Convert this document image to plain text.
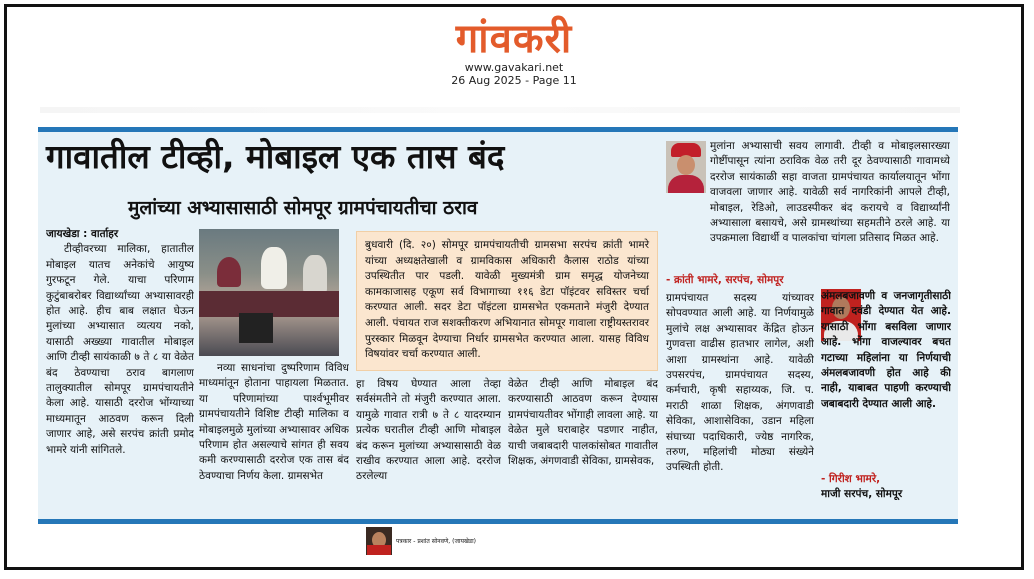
गांवकरी
www.gavakari.net
26 Aug 2025 - Page 11
गावातील टीव्ही, मोबाइल एक तास बंद
मुलांच्या अभ्यासासाठी सोमपूर ग्रामपंचायतीचा ठराव

जायखेडा : वार्ताहर

टीव्हीवरच्या मालिका, हातातील मोबाइल यातच अनेकांचे आयुष्य गुरफटून गेले. याचा परिणाम कुटुंबाबरोबर विद्यार्थ्यांच्या अभ्यासावरही होत आहे. हीच बाब लक्षात घेऊन मुलांच्या अभ्यासात व्यत्यय नको, यासाठी अख्ख्या गावातील मोबाइल आणि टीव्ही सायंकाळी ७ ते ८ या वेळेत बंद ठेवण्याचा ठराव बागलाण तालुक्यातील सोमपूर ग्रामपंचायतीने केला आहे. यासाठी दररोज भोंग्याच्या माध्यमातून आठवण करून दिली जाणार आहे, असे सरपंच क्रांती प्रमोद भामरे यांनी सांगितले.

नव्या साधनांचा दुष्परिणाम विविध माध्यमांतून होताना पाहायला मिळतात. या परिणामांच्या पार्श्वभूमीवर ग्रामपंचायतीने विशिष्ट टीव्ही मालिका व मोबाइलमुळे मुलांच्या अभ्यासावर अधिक परिणाम होत असल्याचे सांगत ही सवय कमी करण्यासाठी दररोज एक तास बंद ठेवण्याचा निर्णय केला. ग्रामसभेत
बुधवारी (दि. २०) सोमपूर ग्रामपंचायतीची ग्रामसभा सरपंच क्रांती भामरे यांच्या अध्यक्षतेखाली व ग्रामविकास अधिकारी कैलास राठोड यांच्या उपस्थितीत पार पडली. यावेळी मुख्यमंत्री ग्राम समृद्ध योजनेच्या कामकाजासह एकूण सर्व विभागाच्या ११६ डेटा पॉइंटवर सविस्तर चर्चा करण्यात आली. सदर डेटा पॉइंटला ग्रामसभेत एकमताने मंजुरी देण्यात आली. पंचायत राज सशक्तीकरण अभियानात सोमपूर गावाला राष्ट्रीयस्तरावर पुरस्कार मिळवून देण्याचा निर्धार ग्रामसभेत करण्यात आला. यासह विविध विषयांवर चर्चा करण्यात आली.
हा विषय घेण्यात आला तेव्हा सर्वसंमतीने तो मंजुरी करण्यात आला. यामुळे गावात रात्री ७ ते ८ यादरम्यान प्रत्येक घरातील टीव्ही आणि मोबाइल बंद करून मुलांच्या अभ्यासासाठी वेळ राखीव करण्यात आला आहे. दररोज ठरलेल्या
वेळेत टीव्ही आणि मोबाइल बंद करण्यासाठी आठवण करून देण्यास ग्रामपंचायतीवर भोंगाही लावला आहे. या वेळेत मुले घराबाहेर पडणार नाहीत, याची जबाबदारी पालकांसोबत गावातील शिक्षक, अंगणवाडी सेविका, ग्रामसेवक,
मुलांना अभ्यासाची सवय लागावी. टीव्ही व मोबाइलसारख्या गोष्टींपासून त्यांना ठराविक वेळ तरी दूर ठेवण्यासाठी गावामध्ये दररोज सायंकाळी सहा वाजता ग्रामपंचायत कार्यालयातून भोंगा वाजवला जाणार आहे. यावेळी सर्व नागरिकांनी आपले टीव्ही, मोबाइल, रेडिओ, लाउडस्पीकर बंद करायचे व विद्यार्थ्यांनी अभ्यासाला बसायचे, असे ग्रामस्थांच्या सहमतीने ठरले आहे. या उपक्रमाला विद्यार्थी व पालकांचा चांगला प्रतिसाद मिळत आहे.
- क्रांती भामरे, सरपंच, सोमपूर
ग्रामपंचायत सदस्य यांच्यावर सोपवण्यात आली आहे. या निर्णयामुळे मुलांचे लक्ष अभ्यासावर केंद्रित होऊन गुणवत्ता वाढीस हातभार लागेल, अशी आशा ग्रामस्थांना आहे. यावेळी उपसरपंच, ग्रामपंचायत सदस्य, कर्मचारी, कृषी सहाय्यक, जि. प. मराठी शाळा शिक्षक, अंगणवाडी सेविका, आशासेविका, उडान महिला संघाच्या पदाधिकारी, ज्येष्ठ नागरिक, तरुण, महिलांची मोठ्या संख्येने उपस्थिती होती.
अंमलबजावणी व जनजागृतीसाठी गावात दवंडी देण्यात येत आहे. यासाठी भोंगा बसविला जाणार आहे. भोंगा वाजल्यावर बचत गटाच्या महिलांना या निर्णयाची अंमलबजावणी होत आहे की नाही, याबाबत पाहणी करण्याची जबाबदारी देण्यात आली आहे.
- गिरीश भामरे,
माजी सरपंच, सोमपूर
पत्रकार - प्रशांत सोनवणे, (जायखेडा)
